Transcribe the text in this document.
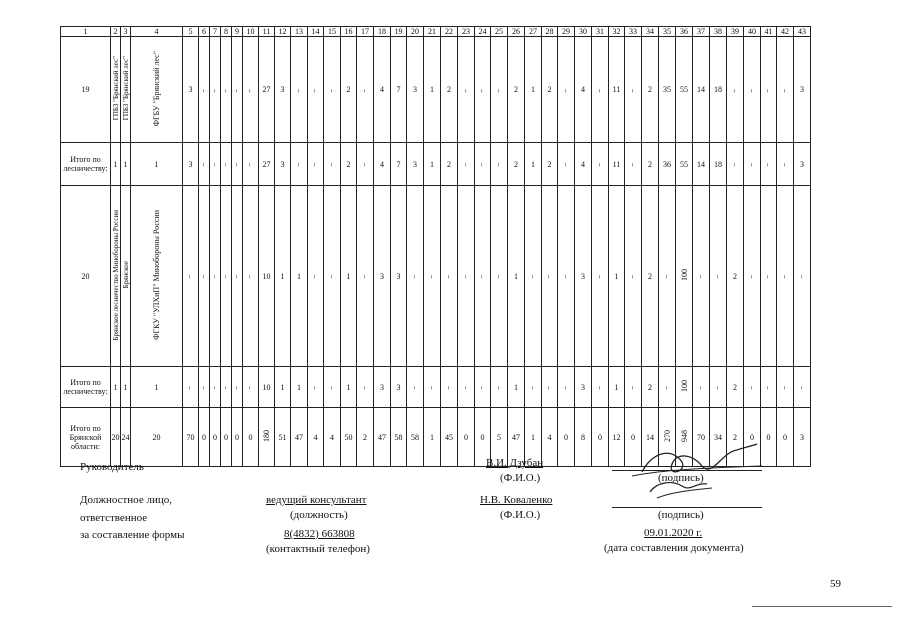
1	2	3	4	5	6	7	8	9	10	11	12	13	14	15	16	17	18	19	20	21	22	23	24	25	26	27	28	29	30	31	32	33	34	35	36	37	38	39	40	41	42	43
19	ГПБЗ "Брянский лес"	ГПБЗ "Брянский лес"	ФГБУ "Брянский лес"	3	- -	- -	- -	- -	- -	27	3	- -	- -	- -	2	- -	4	7	3	1	2	- -	- -	- -	2	1	2	- -	4	- -	11	- -	2	35	55	14	18	- -	- -	- -	- -	3
Итого по лесничеству:	1	1	1	3	- -	- -	- -	- -	- -	27	3	- -	- -	- -	2	- -	4	7	3	1	2	- -	- -	- -	2	1	2	- -	4	- -	11	- -	2	36	55	14	18	- -	- -	- -	- -	3
20	Брянское лесничество Минобороны России	Брянское	ФГКУ "УЛХиП" Минобороны России	- -	- -	- -	- -	- -	- -	10	1	1	- -	- -	1	- -	3	3	- -	- -	- -	- -	- -	- -	1	- -	- -	- -	3	- -	1	- -	2	- -	100	- -	- -	2	- -	- -	- -	- -
Итого по лесничеству:	1	1	1	- -	- -	- -	- -	- -	- -	10	1	1	- -	- -	1	- -	3	3	- -	- -	- -	- -	- -	- -	1	- -	- -	- -	3	- -	1	- -	2	- -	100	- -	- -	2	- -	- -	- -	- -
Итого по Брянской области:	20	24	20	70	0	0	0	0	0	180	51	47	4	4	50	2	47	58	58	1	45	0	0	5	47	1	4	0	8	0	12	0	14	270	948	70	34	2	0	0	0	3
Руководитель	В.И. Дзубан
(Ф.И.О.)	(подпись)
Должностное лицо,
ответственное
за составление формы
ведущий консультант
(должность)
8(4832) 663808
(контактный телефон)
Н.В. Коваленко
(Ф.И.О.)	(подпись)
09.01.2020 г.
(дата составления документа)
59
